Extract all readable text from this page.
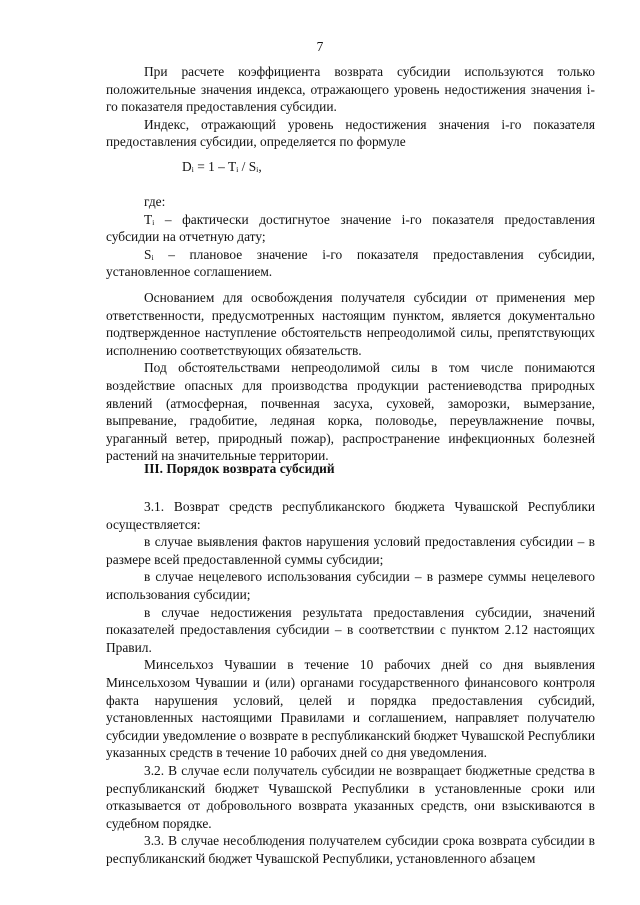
7

При расчете коэффициента возврата субсидии используются только положительные значения индекса, отражающего уровень недостижения значения i-го показателя предоставления субсидии.

Индекс, отражающий уровень недостижения значения i-го показателя предоставления субсидии, определяется по формуле

Dᵢ = 1 – Tᵢ / Sᵢ,

где:

Tᵢ – фактически достигнутое значение i-го показателя предоставления субсидии на отчетную дату;

Sᵢ – плановое значение i-го показателя предоставления субсидии, установленное соглашением.

Основанием для освобождения получателя субсидии от применения мер ответственности, предусмотренных настоящим пунктом, является документально подтвержденное наступление обстоятельств непреодолимой силы, препятствующих исполнению соответствующих обязательств.

Под обстоятельствами непреодолимой силы в том числе понимаются воздействие опасных для производства продукции растениеводства природных явлений (атмосферная, почвенная засуха, суховей, заморозки, вымерзание, выпревание, градобитие, ледяная корка, половодье, переувлажнение почвы, ураганный ветер, природный пожар), распространение инфекционных болезней растений на значительные территории.

III. Порядок возврата субсидий

3.1. Возврат средств республиканского бюджета Чувашской Республики осуществляется:

в случае выявления фактов нарушения условий предоставления субсидии – в размере всей предоставленной суммы субсидии;

в случае нецелевого использования субсидии – в размере суммы нецелевого использования субсидии;

в случае недостижения результата предоставления субсидии, значений показателей предоставления субсидии – в соответствии с пунктом 2.12 настоящих Правил.

Минсельхоз Чувашии в течение 10 рабочих дней со дня выявления Минсельхозом Чувашии и (или) органами государственного финансового контроля факта нарушения условий, целей и порядка предоставления субсидий, установленных настоящими Правилами и соглашением, направляет получателю субсидии уведомление о возврате в республиканский бюджет Чувашской Республики указанных средств в течение 10 рабочих дней со дня уведомления.

3.2. В случае если получатель субсидии не возвращает бюджетные средства в республиканский бюджет Чувашской Республики в установленные сроки или отказывается от добровольного возврата указанных средств, они взыскиваются в судебном порядке.

3.3. В случае несоблюдения получателем субсидии срока возврата субсидии в республиканский бюджет Чувашской Республики, установленного абзацем
